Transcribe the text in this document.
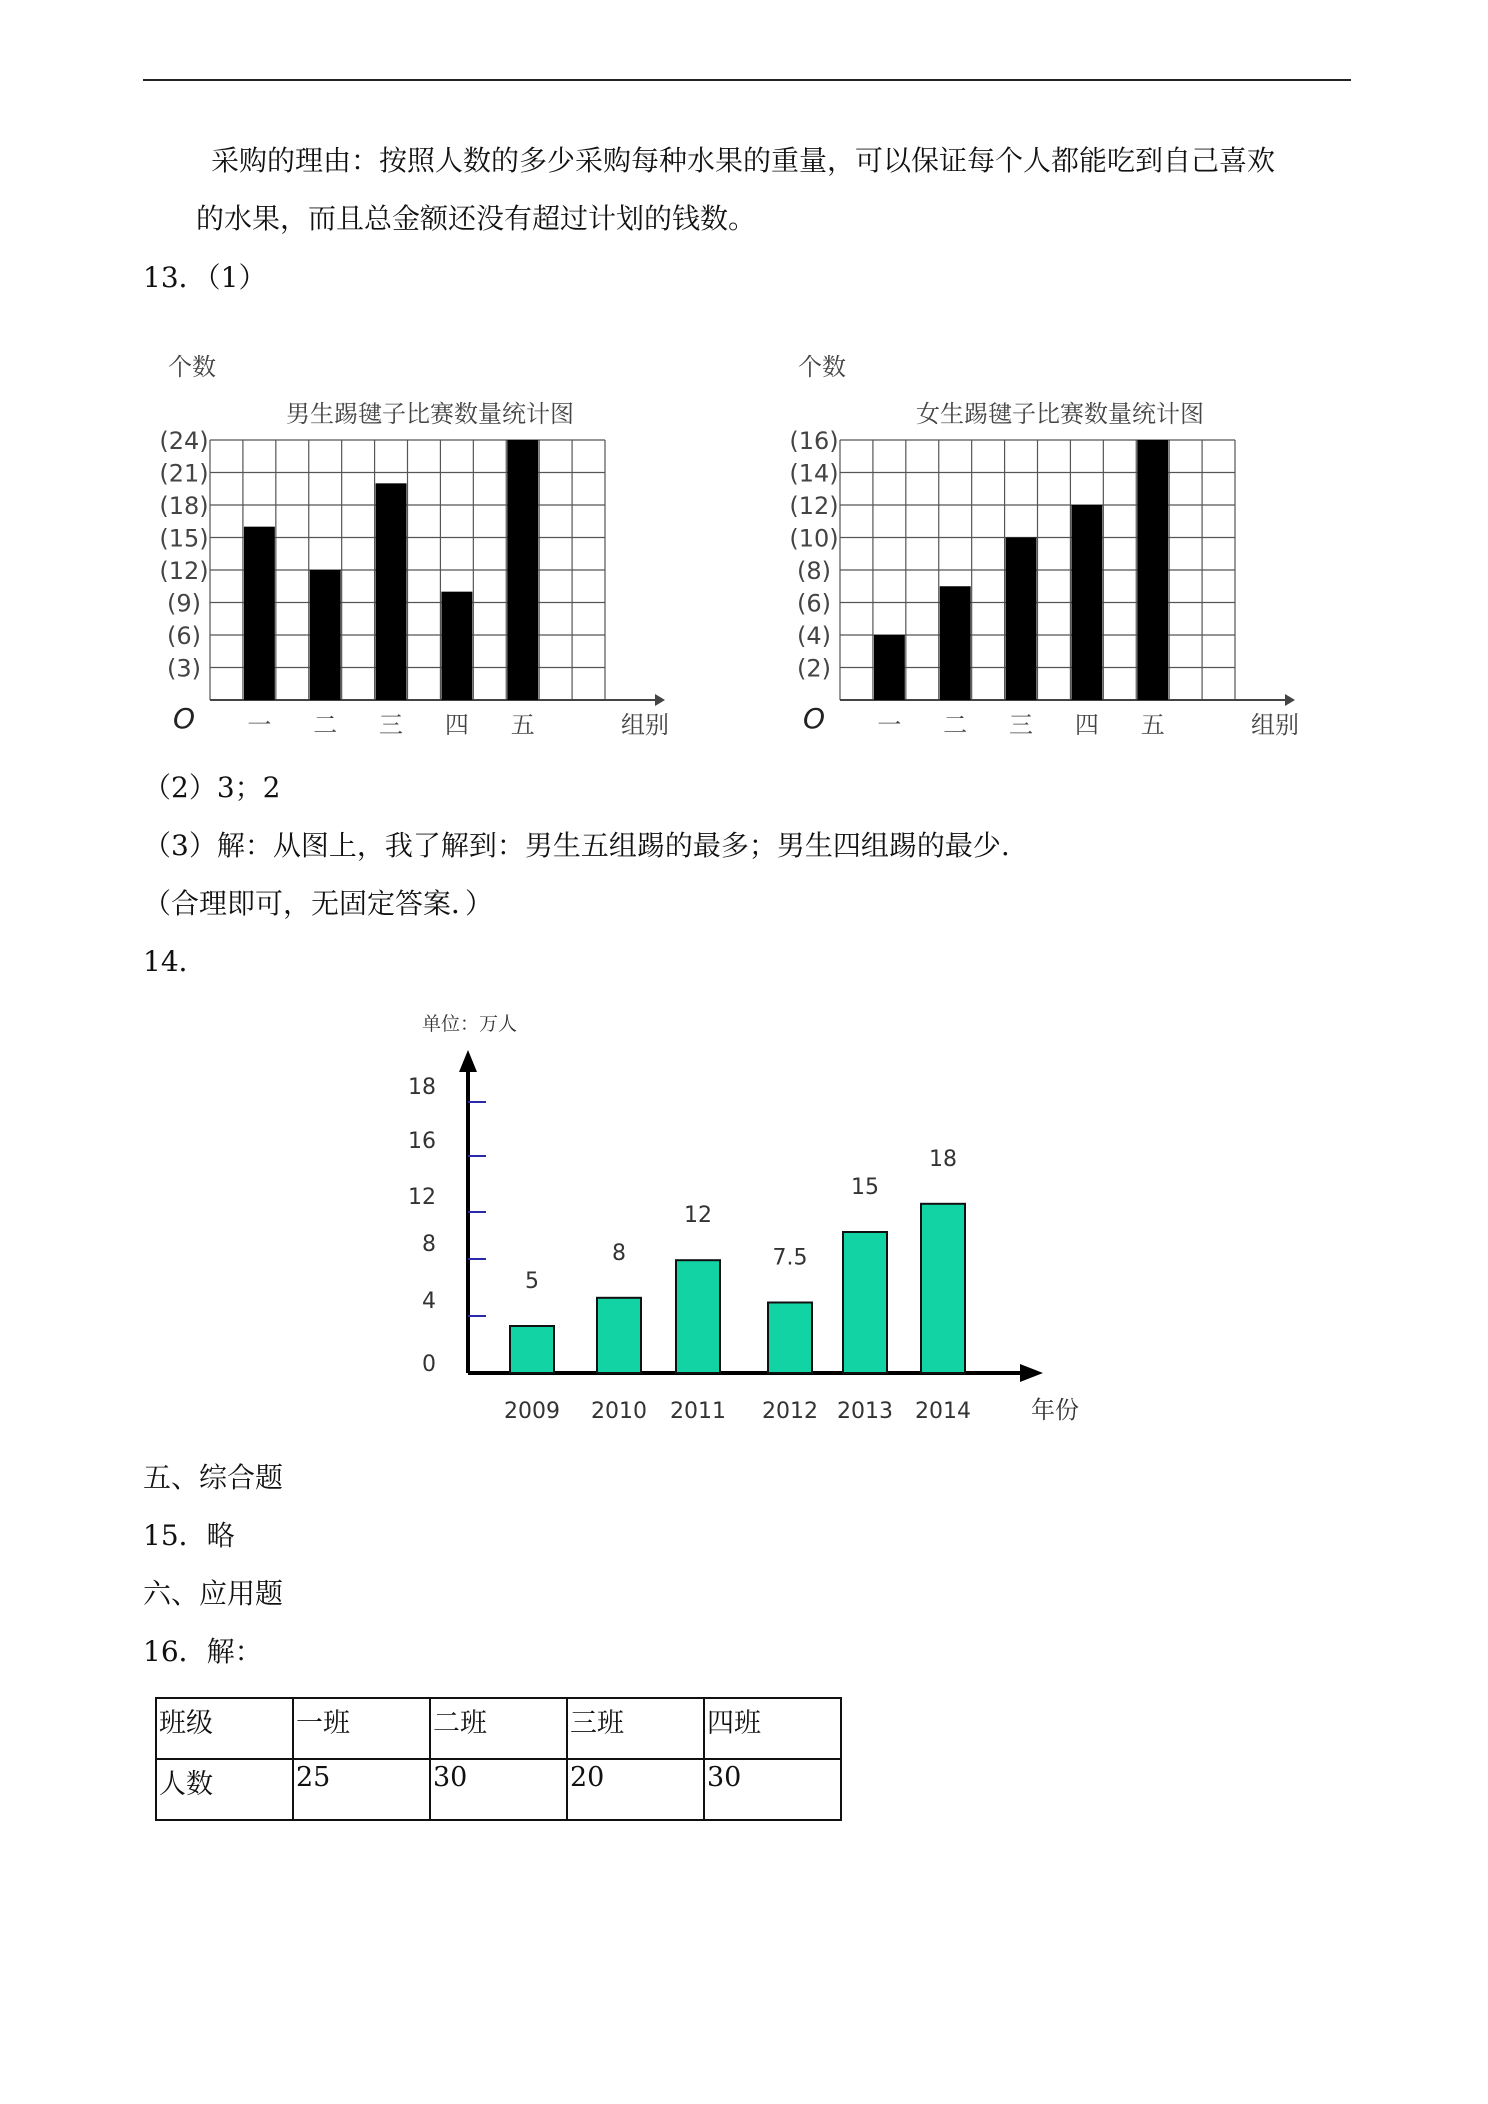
采购的理由：按照人数的多少采购每种水果的重量，可以保证每个人都能吃到自己喜欢
的水果，而且总金额还没有超过计划的钱数。
13．（1）
个数
男生踢毽子比赛数量统计图
(3)
(6)
(9)
(12)
(15)
(18)
(21)
(24)
O 一 二 三 四 五	组别
个数
女生踢毽子比赛数量统计图
(2)
(4)
(6)
(8)
(10)
(12)
(14)
(16)
O 一 二 三 四 五	组别
（2）3；2
（3）解：从图上，我了解到：男生五组踢的最多；男生四组踢的最少.
（合理即可，无固定答案．）
14．
单位：万人
0
4
8
12
16
18
5
2009
8
2010
12
2011
7.5
2012
15
2013
18
2014	年份
五、综合题
15．略
六、应用题
16．解：
班级	一班	二班	三班	四班
人数	25	30	20	30
